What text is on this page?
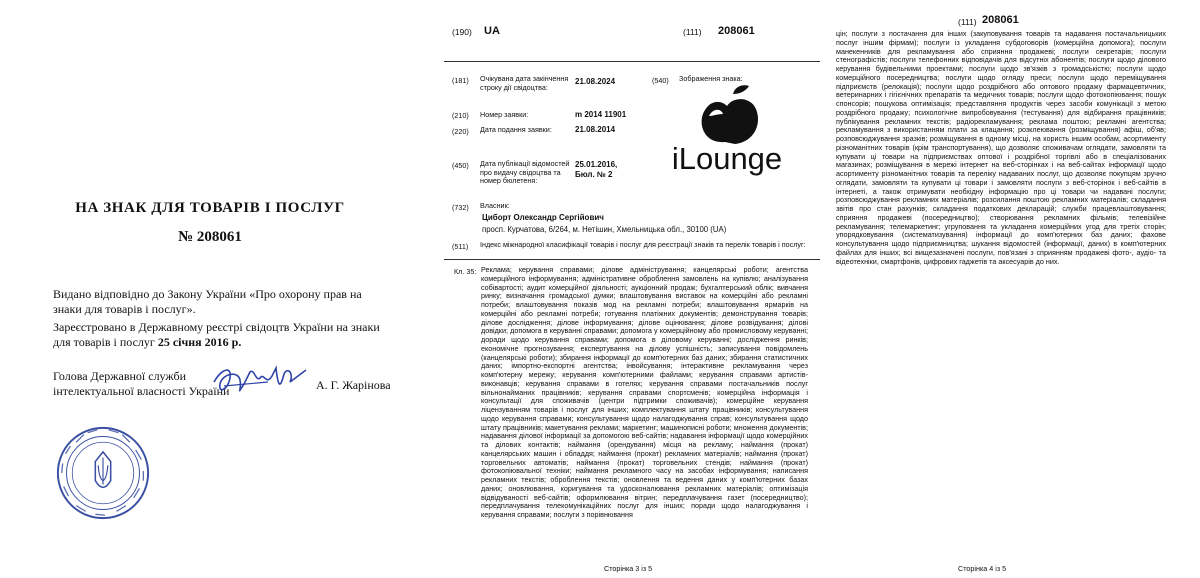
НА ЗНАК ДЛЯ ТОВАРІВ І ПОСЛУГ
№ 208061
Видано відповідно до Закону України «Про охорону прав на знаки для товарів і послуг».
Зареєстровано в Державному реєстрі свідоцтв України на знаки для товарів і послуг 25 січня 2016 р.
Голова Державної служби
інтелектуальної власності України	А. Г. Жарінова
(190) UA	(111) 208061
(181) Очікувана дата закінчення строку дії свідоцтва:
21.08.2024
(210) Номер заявки:	m 2014 11901
(220) Дата подання заявки:	21.08.2014
(450) Дата публікації відомостей про видачу свідоцтва та номер бюлетеня:
25.01.2016,
Бюл. № 2
(540) Зображення знака:
iLounge
(732) Власник:
Циборт Олександр Сергійович
просп. Курчатова, 6/264, м. Нетішин, Хмельницька обл., 30100 (UA)
(511) Індекс міжнародної класифікації товарів і послуг для реєстрації знаків та перелік товарів і послуг:
Кл. 35: Реклама; керування справами; ділове адміністрування; канцелярські роботи; агентства комерційного інформування; адміністративне оброблення замовлень на купівлю; аналізування собівартості; аудит комерційної діяльності; аукціонний продаж; бухгалтерський облік; вивчання ринку; визначання громадської думки; влаштовування виставок на комерційні або рекламні потреби; влаштовування показів мод на рекламні потреби; влаштовування ярмарків на комерційні або рекламні потреби; готування платіжних документів; демонстрування товарів; ділове дослідження; ділове інформування; ділове оцінювання; ділове розвідування; ділові довідки; допомога в керуванні справами; допомога у комерційному або промисловому керуванні; доради щодо керування справами; допомога в діловому керуванні; дослідження ринків; економічне прогнозування; експертування на ділову успішність; записування повідомлень (канцелярські роботи); збирання інформації до комп'ютерних баз даних; збирання статистичних даних; імпортно-експортні агентства; інвойсування; інтерактивне рекламування через комп'ютерну мережу; керування комп'ютерними файлами; керування справами артистів-виконавців; керування справами в готелях; керування справами постачальників послуг вільнонайманих працівників; керування справами спортсменів; комерційна інформація і консультації для споживачів (центри підтримки споживачів); комерційне керування ліцензуванням товарів і послуг для інших; комплектування штату працівників; консультування щодо керування справами; консультування щодо налагоджування справ; консультування щодо штату працівників; макетування реклами; маркетинг; машинописні роботи; множення документів; надавання ділової інформації за допомогою веб-сайтів; надавання інформації щодо комерційних та ділових контактів; наймання (орендування) місця на рекламу; наймання (прокат) канцелярських машин і обладдя; наймання (прокат) рекламних матеріалів; наймання (прокат) торговельних автоматів; наймання (прокат) торговельних стендів; наймання (прокат) фотокопіювальної техніки; наймання рекламного часу на засобах інформування; написання рекламних текстів; оброблення текстів; оновлення та ведення даних у комп'ютерних базах даних; оновлювання, коригування та удосконалювання рекламних матеріалів; оптимізація відвідуваності веб-сайтів; оформлювання вітрин; передплачування газет (посередництво); передплачування телекомунікаційних послуг для інших; поради щодо налагоджування і керування справами; послуги з порівнювання
Сторінка 3 із 5
(111) 208061
цін; послуги з постачання для інших (закуповування товарів та надавання постачальницьких послуг іншим фірмам); послуги із укладання субдоговорів (комерційна допомога); послуги манекенників для рекламування або сприяння продажеві; послуги секретарів; послуги стенографістів; послуги телефонних відповідачів для відсутніх абонентів; послуги щодо ділового керування будівельними проектами; послуги щодо зв'язків з громадськістю; послуги щодо комерційного посередництва; послуги щодо огляду преси; послуги щодо переміщування підприємств (релокація); послуги щодо роздрібного або оптового продажу фармацевтичних, ветеринарних і гігієнічних препаратів та медичних товарів; послуги щодо фотокопіювання; пошук спонсорів; пошукова оптимізація; представляння продуктів через засоби комунікації з метою роздрібного продажу; психологічне випробовування (тестування) для відбирання працівників; публікування рекламних текстів; радіорекламування; реклама поштою; рекламні агентства; рекламування з використанням плати за клацання; розклеювання (розміщування) афіш, об'яв; розповсюджування зразків; розміщування в одному місці, на користь іншим особам, асортименту різноманітних товарів (крім транспортування), що дозволяє споживачам оглядати, замовляти та купувати ці товари на підприємствах оптової і роздрібної торгівлі або в спеціалізованих магазинах; розміщування в мережі інтернет на веб-сторінках і на веб-сайтах інформації щодо асортименту різноманітних товарів та переліку надаваних послуг, що дозволяє покупцям зручно оглядати, замовляти та купувати ці товари і замовляти послуги з веб-сторінок і веб-сайтів в інтернеті, а також отримувати необхідну інформацію про ці товари чи надавані послуги; розповсюджування рекламних матеріалів; розсилання поштою рекламних матеріалів; складання звітів про стан рахунків; складання податкових декларацій; служби працевлаштовування; сприяння продажеві (посередництво); створювання рекламних фільмів; телевізійне рекламування; телемаркетинг; угруповання та укладання комерційних угод для третіх сторін; упорядковування (систематизування) інформації до комп'ютерних баз даних; фахове консультування щодо підприємництва; шукання відомостей (інформації, даних) в комп'ютерних файлах для інших; всі вищезазначені послуги, пов'язані з сприянням продажеві фото-, аудіо- та відеотехніки, смартфонів, цифрових гаджетів та аксесуарів до них.
Сторінка 4 із 5
